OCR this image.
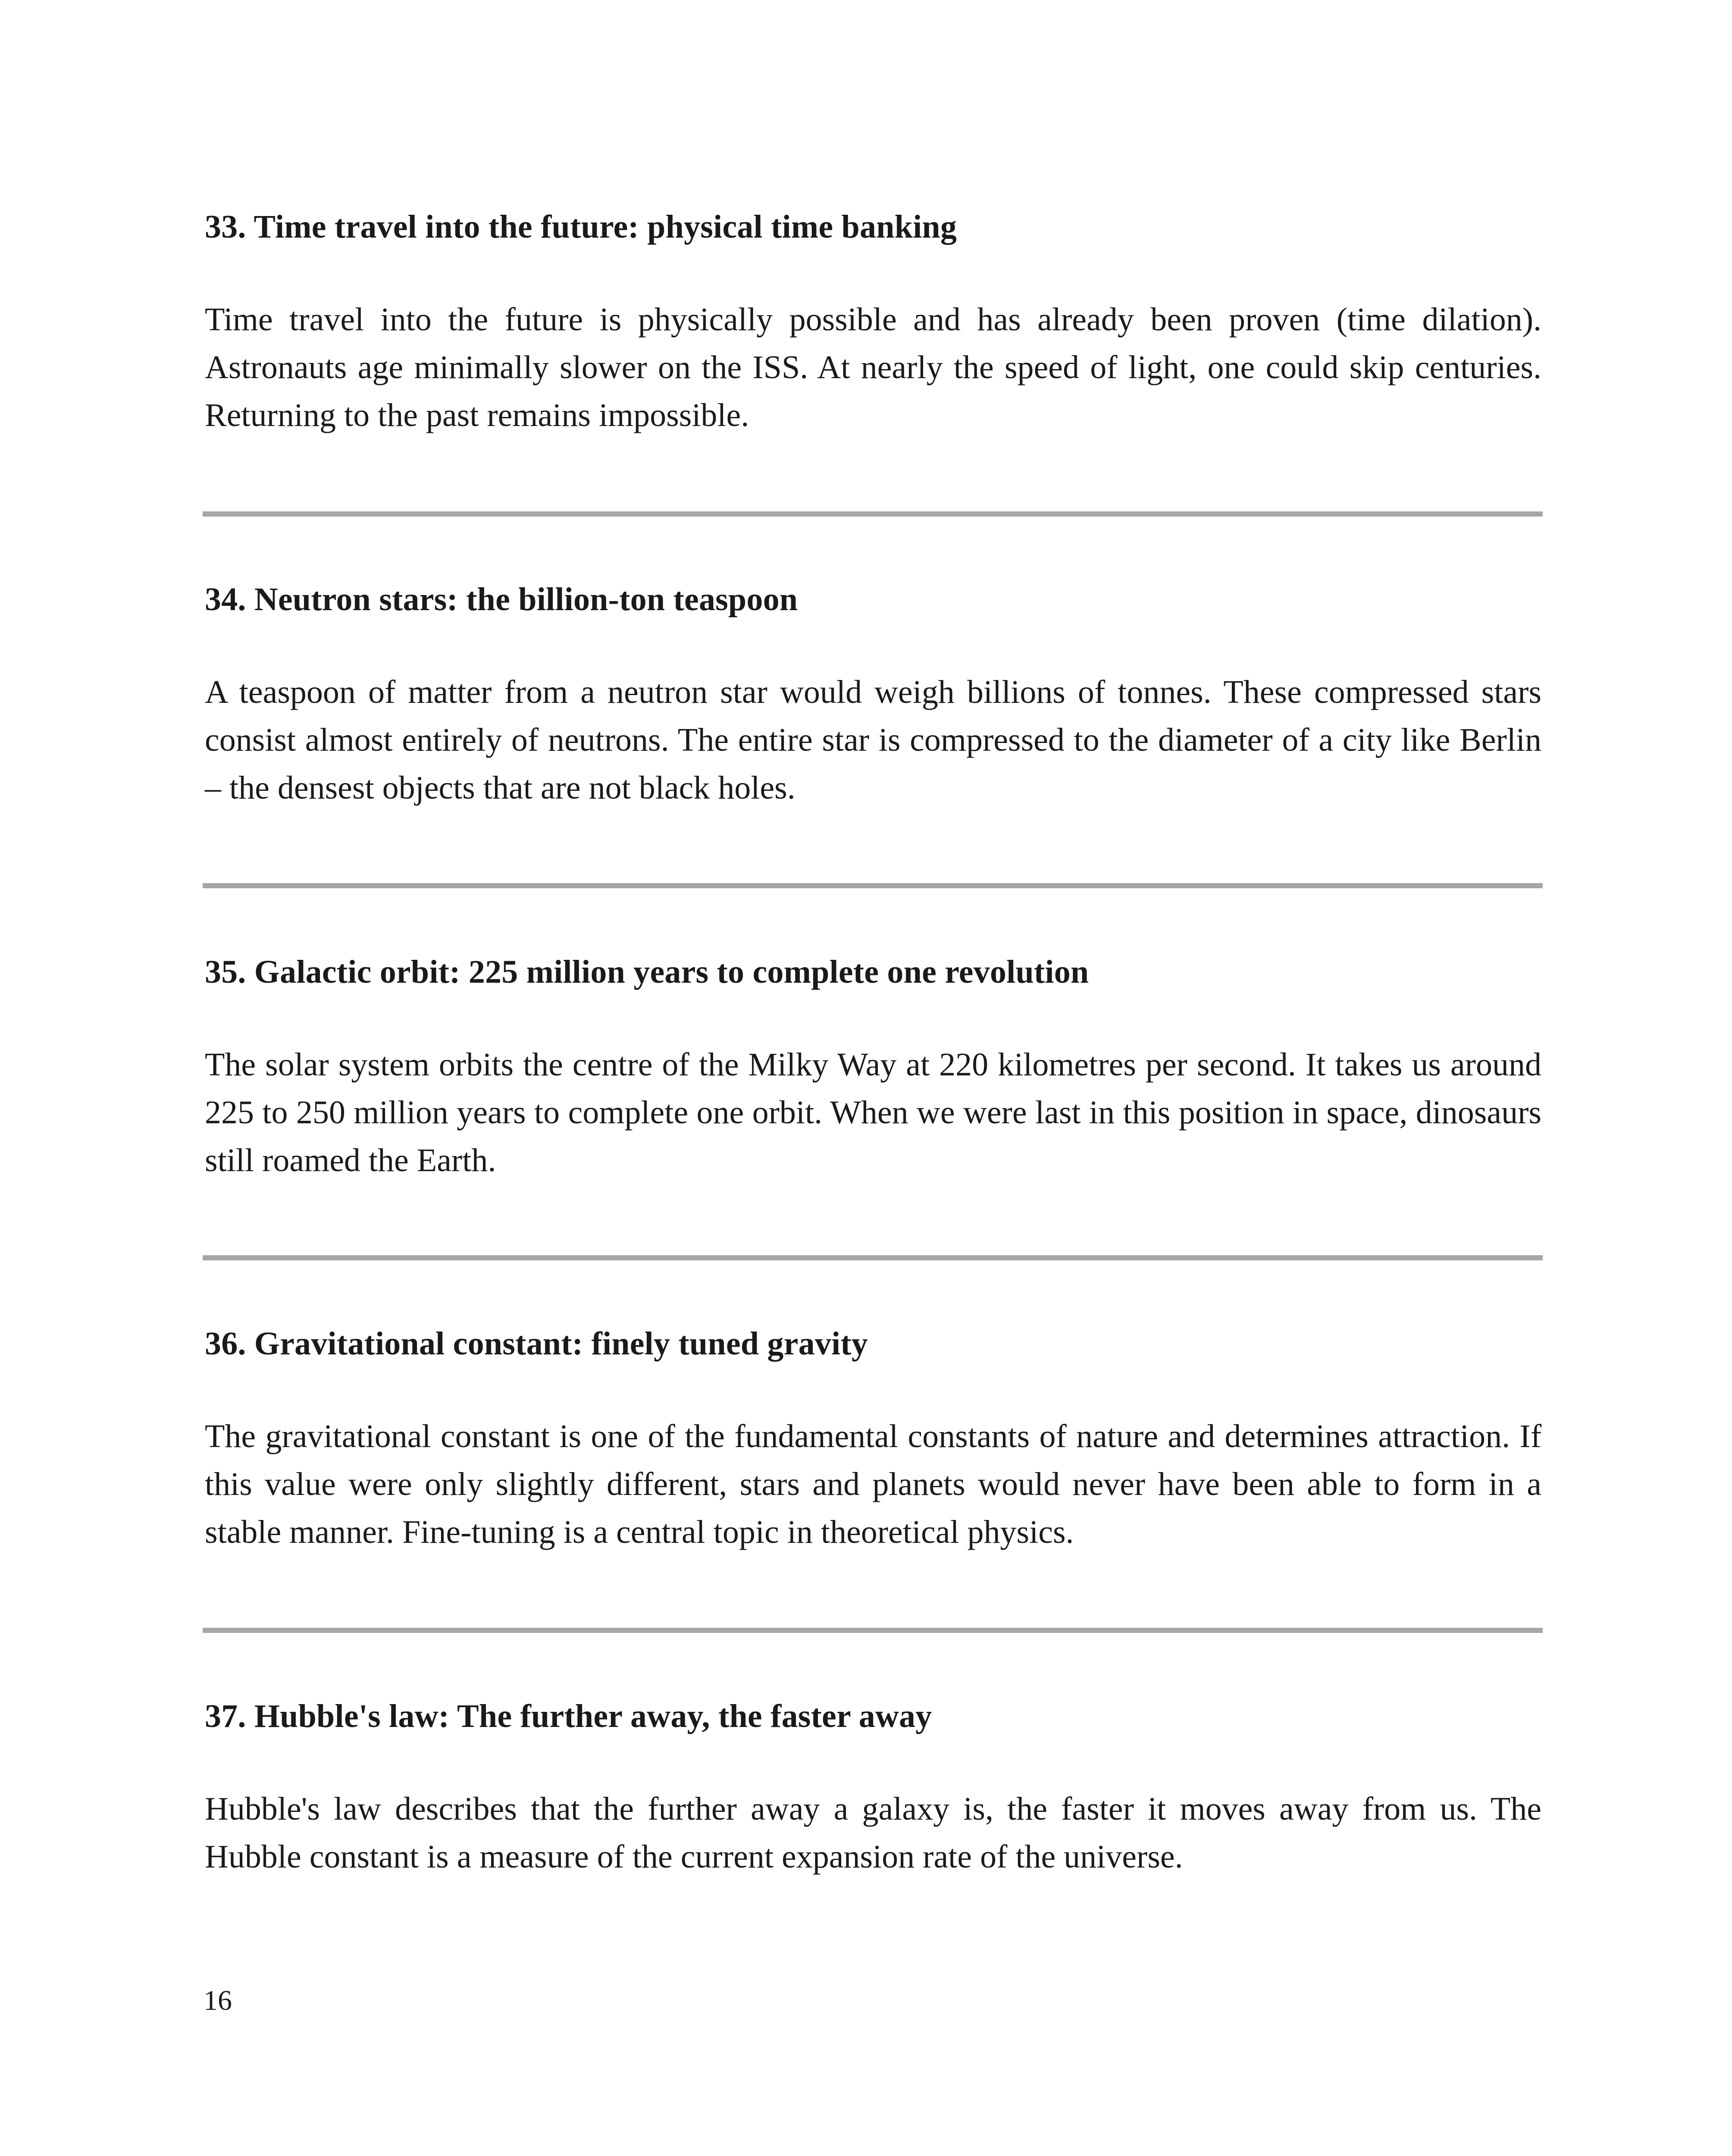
33. Time travel into the future: physical time banking

Time travel into the future is physically possible and has already been proven (time dilation). Astronauts age minimally slower on the ISS. At nearly the speed of light, one could skip centuries. Returning to the past remains impossible.

34. Neutron stars: the billion-ton teaspoon

A teaspoon of matter from a neutron star would weigh billions of tonnes. These compressed stars consist almost entirely of neutrons. The entire star is compressed to the diameter of a city like Berlin – the densest objects that are not black holes.

35. Galactic orbit: 225 million years to complete one revolution

The solar system orbits the centre of the Milky Way at 220 kilometres per second. It takes us around 225 to 250 million years to complete one orbit. When we were last in this position in space, dinosaurs still roamed the Earth.

36. Gravitational constant: finely tuned gravity

The gravitational constant is one of the fundamental constants of nature and determines attraction. If this value were only slightly different, stars and planets would never have been able to form in a stable manner. Fine-tuning is a central topic in theoretical physics.

37. Hubble's law: The further away, the faster away

Hubble's law describes that the further away a galaxy is, the faster it moves away from us. The Hubble constant is a measure of the current expansion rate of the universe.

16
